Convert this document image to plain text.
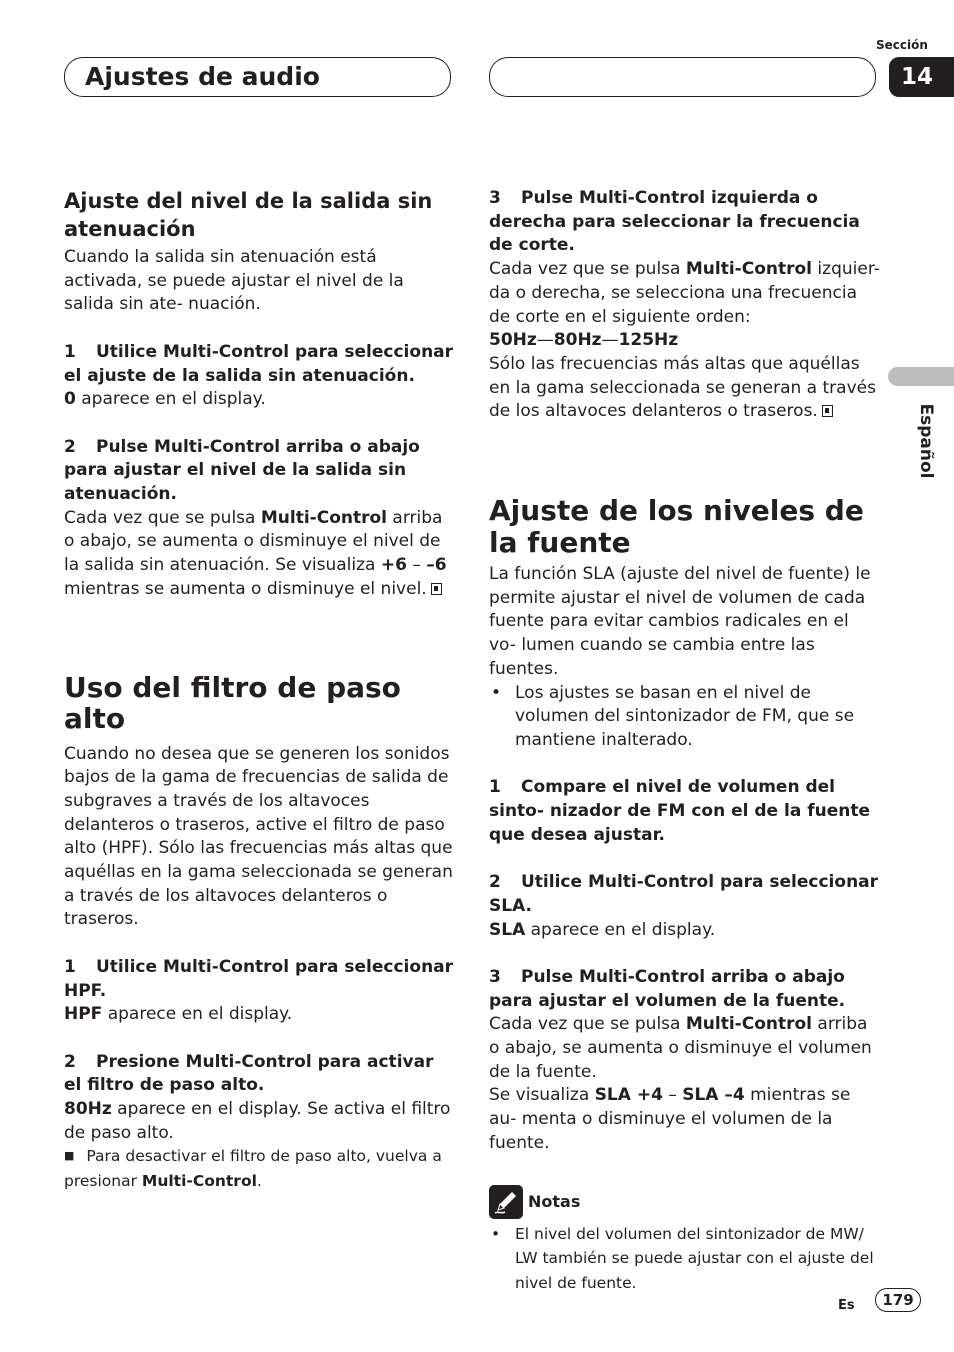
Ajustes de audio
Sección
14
Español
Ajuste del nivel de la salida sin atenuación

Cuando la salida sin atenuación está activada, se puede ajustar el nivel de la salida sin ate- nuación.

1 Utilice Multi-Control para seleccionar el ajuste de la salida sin atenuación.

0 aparece en el display.

2 Pulse Multi-Control arriba o abajo para ajustar el nivel de la salida sin atenuación.

Cada vez que se pulsa Multi-Control arriba o abajo, se aumenta o disminuye el nivel de la salida sin atenuación. Se visualiza +6 – –6 mientras se aumenta o disminuye el nivel.

Uso del filtro de paso alto

Cuando no desea que se generen los sonidos bajos de la gama de frecuencias de salida de subgraves a través de los altavoces delanteros o traseros, active el filtro de paso alto (HPF). Sólo las frecuencias más altas que aquéllas en la gama seleccionada se generan a través de los altavoces delanteros o traseros.

1 Utilice Multi-Control para seleccionar HPF.

HPF aparece en el display.

2 Presione Multi-Control para activar el filtro de paso alto.

80Hz aparece en el display. Se activa el filtro de paso alto.

■ Para desactivar el filtro de paso alto, vuelva a presionar Multi-Control.

3 Pulse Multi-Control izquierda o derecha para seleccionar la frecuencia de corte.

Cada vez que se pulsa Multi-Control izquier- da o derecha, se selecciona una frecuencia de corte en el siguiente orden:

50Hz—80Hz—125Hz

Sólo las frecuencias más altas que aquéllas en la gama seleccionada se generan a través de los altavoces delanteros o traseros.

Ajuste de los niveles de la fuente

La función SLA (ajuste del nivel de fuente) le permite ajustar el nivel de volumen de cada fuente para evitar cambios radicales en el vo- lumen cuando se cambia entre las fuentes.

• Los ajustes se basan en el nivel de volumen del sintonizador de FM, que se mantiene inalterado.

1 Compare el nivel de volumen del sinto- nizador de FM con el de la fuente que desea ajustar.

2 Utilice Multi-Control para seleccionar SLA.

SLA aparece en el display.

3 Pulse Multi-Control arriba o abajo para ajustar el volumen de la fuente.

Cada vez que se pulsa Multi-Control arriba o abajo, se aumenta o disminuye el volumen de la fuente.

Se visualiza SLA +4 – SLA –4 mientras se au- menta o disminuye el volumen de la fuente.

Notas

• El nivel del volumen del sintonizador de MW/ LW también se puede ajustar con el ajuste del nivel de fuente.

Es	179
